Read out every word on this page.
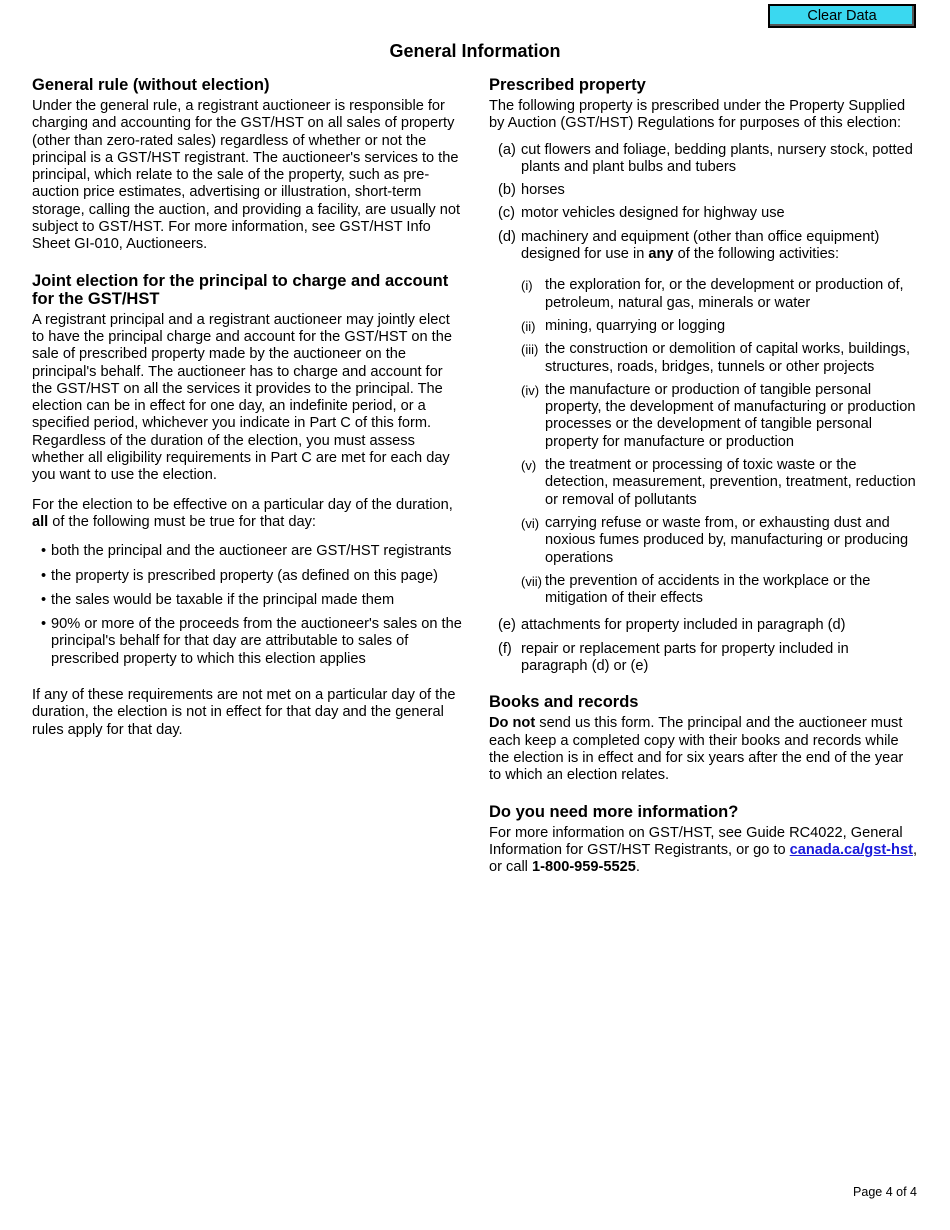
Clear Data
General Information
General rule (without election)

Under the general rule, a registrant auctioneer is responsible for charging and accounting for the GST/HST on all sales of property (other than zero-rated sales) regardless of whether or not the principal is a GST/HST registrant. The auctioneer's services to the principal, which relate to the sale of the property, such as pre-auction price estimates, advertising or illustration, short-term storage, calling the auction, and providing a facility, are usually not subject to GST/HST. For more information, see GST/HST Info Sheet GI-010, Auctioneers.

Joint election for the principal to charge and account for the GST/HST

A registrant principal and a registrant auctioneer may jointly elect to have the principal charge and account for the GST/HST on the sale of prescribed property made by the auctioneer on the principal's behalf. The auctioneer has to charge and account for the GST/HST on all the services it provides to the principal. The election can be in effect for one day, an indefinite period, or a specified period, whichever you indicate in Part C of this form. Regardless of the duration of the election, you must assess whether all eligibility requirements in Part C are met for each day you want to use the election.

For the election to be effective on a particular day of the duration, all of the following must be true for that day:

• both the principal and the auctioneer are GST/HST registrants
• the property is prescribed property (as defined on this page)
• the sales would be taxable if the principal made them
• 90% or more of the proceeds from the auctioneer's sales on the principal's behalf for that day are attributable to sales of prescribed property to which this election applies

If any of these requirements are not met on a particular day of the duration, the election is not in effect for that day and the general rules apply for that day.

Prescribed property

The following property is prescribed under the Property Supplied by Auction (GST/HST) Regulations for purposes of this election:

(a) cut flowers and foliage, bedding plants, nursery stock, potted plants and plant bulbs and tubers
(b) horses
(c) motor vehicles designed for highway use
(d) machinery and equipment (other than office equipment) designed for use in any of the following activities:
(i) the exploration for, or the development or production of, petroleum, natural gas, minerals or water
(ii) mining, quarrying or logging
(iii) the construction or demolition of capital works, buildings, structures, roads, bridges, tunnels or other projects
(iv) the manufacture or production of tangible personal property, the development of manufacturing or production processes or the development of tangible personal property for manufacture or production
(v) the treatment or processing of toxic waste or the detection, measurement, prevention, treatment, reduction or removal of pollutants
(vi) carrying refuse or waste from, or exhausting dust and noxious fumes produced by, manufacturing or producing operations
(vii) the prevention of accidents in the workplace or the mitigation of their effects
(e) attachments for property included in paragraph (d)
(f) repair or replacement parts for property included in paragraph (d) or (e)
Books and records

Do not send us this form. The principal and the auctioneer must each keep a completed copy with their books and records while the election is in effect and for six years after the end of the year to which an election relates.

Do you need more information?

For more information on GST/HST, see Guide RC4022, General Information for GST/HST Registrants, or go to canada.ca/gst-hst, or call 1-800-959-5525.

Page 4 of 4
